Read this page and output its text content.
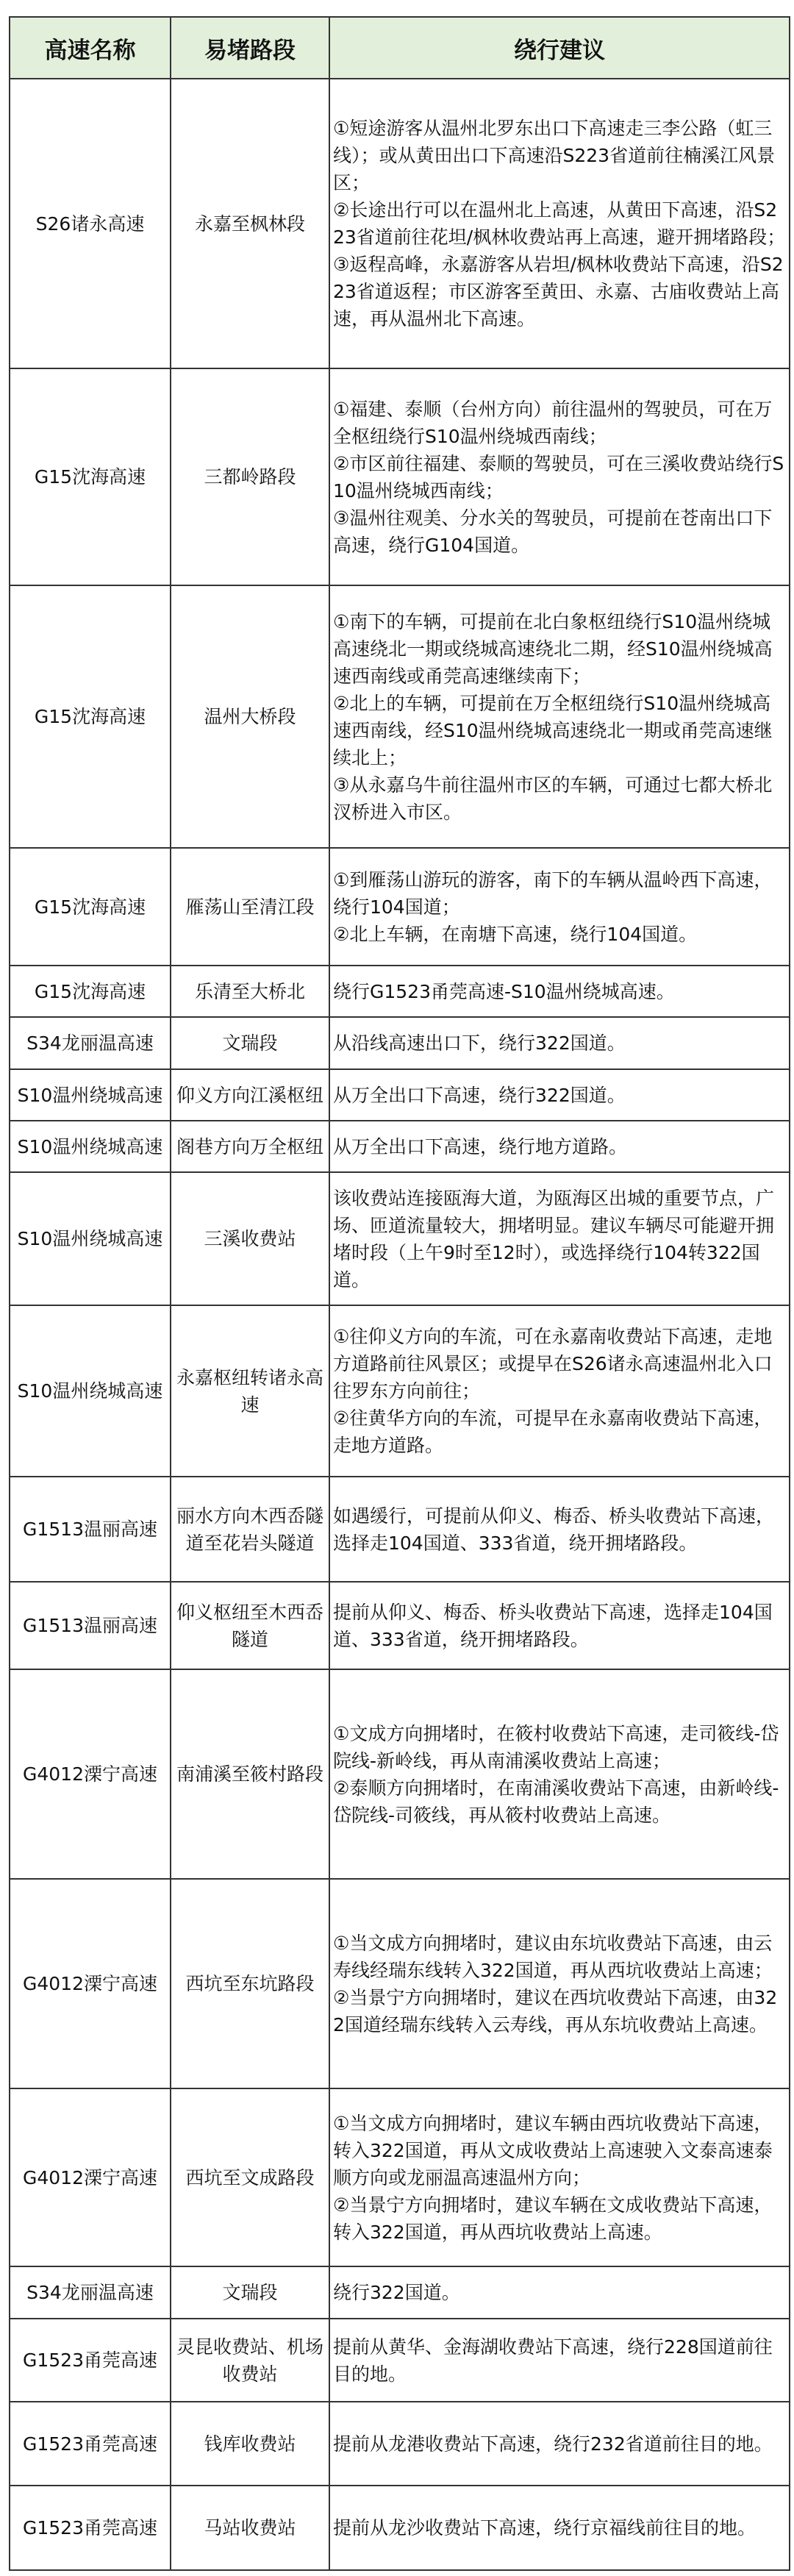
高速名称	易堵路段	绕行建议
S26诸永高速	永嘉至枫林段	①短途游客从温州北罗东出口下高速走三李公路（虹三线）；或从黄田出口下高速沿S223省道前往楠溪江风景区；
②长途出行可以在温州北上高速，从黄田下高速，沿S223省道前往花坦/枫林收费站再上高速，避开拥堵路段；
③返程高峰，永嘉游客从岩坦/枫林收费站下高速，沿S223省道返程；市区游客至黄田、永嘉、古庙收费站上高速，再从温州北下高速。
G15沈海高速	三都岭路段	①福建、泰顺（台州方向）前往温州的驾驶员，可在万全枢纽绕行S10温州绕城西南线；
②市区前往福建、泰顺的驾驶员，可在三溪收费站绕行S10温州绕城西南线；
③温州往观美、分水关的驾驶员，可提前在苍南出口下高速，绕行G104国道。
G15沈海高速	温州大桥段	①南下的车辆，可提前在北白象枢纽绕行S10温州绕城高速绕北一期或绕城高速绕北二期，经S10温州绕城高速西南线或甬莞高速继续南下；
②北上的车辆，可提前在万全枢纽绕行S10温州绕城高速西南线，经S10温州绕城高速绕北一期或甬莞高速继续北上；
③从永嘉乌牛前往温州市区的车辆，可通过七都大桥北汊桥进入市区。
G15沈海高速	雁荡山至清江段	①到雁荡山游玩的游客，南下的车辆从温岭西下高速，绕行104国道；
②北上车辆，在南塘下高速，绕行104国道。
G15沈海高速	乐清至大桥北	绕行G1523甬莞高速-S10温州绕城高速。
S34龙丽温高速	文瑞段	从沿线高速出口下，绕行322国道。
S10温州绕城高速	仰义方向江溪枢纽	从万全出口下高速，绕行322国道。
S10温州绕城高速	阁巷方向万全枢纽	从万全出口下高速，绕行地方道路。
S10温州绕城高速	三溪收费站	该收费站连接瓯海大道，为瓯海区出城的重要节点，广场、匝道流量较大，拥堵明显。建议车辆尽可能避开拥堵时段（上午9时至12时），或选择绕行104转322国道。
S10温州绕城高速	永嘉枢纽转诸永高速	①往仰义方向的车流，可在永嘉南收费站下高速，走地方道路前往风景区；或提早在S26诸永高速温州北入口往罗东方向前往；
②往黄华方向的车流，可提早在永嘉南收费站下高速，走地方道路。
G1513温丽高速	丽水方向木西岙隧道至花岩头隧道	如遇缓行，可提前从仰义、梅岙、桥头收费站下高速，选择走104国道、333省道，绕开拥堵路段。
G1513温丽高速	仰义枢纽至木西岙隧道	提前从仰义、梅岙、桥头收费站下高速，选择走104国道、333省道，绕开拥堵路段。
G4012溧宁高速	南浦溪至筱村路段	①文成方向拥堵时，在筱村收费站下高速，走司筱线-岱院线-新岭线，再从南浦溪收费站上高速；
②泰顺方向拥堵时，在南浦溪收费站下高速，由新岭线-岱院线-司筱线，再从筱村收费站上高速。
G4012溧宁高速	西坑至东坑路段	①当文成方向拥堵时，建议由东坑收费站下高速，由云寿线经瑞东线转入322国道，再从西坑收费站上高速；
②当景宁方向拥堵时，建议在西坑收费站下高速，由322国道经瑞东线转入云寿线，再从东坑收费站上高速。
G4012溧宁高速	西坑至文成路段	①当文成方向拥堵时，建议车辆由西坑收费站下高速，转入322国道，再从文成收费站上高速驶入文泰高速泰顺方向或龙丽温高速温州方向；
②当景宁方向拥堵时，建议车辆在文成收费站下高速，转入322国道，再从西坑收费站上高速。
S34龙丽温高速	文瑞段	绕行322国道。
G1523甬莞高速	灵昆收费站、机场收费站	提前从黄华、金海湖收费站下高速，绕行228国道前往目的地。
G1523甬莞高速	钱库收费站	提前从龙港收费站下高速，绕行232省道前往目的地。
G1523甬莞高速	马站收费站	提前从龙沙收费站下高速，绕行京福线前往目的地。
